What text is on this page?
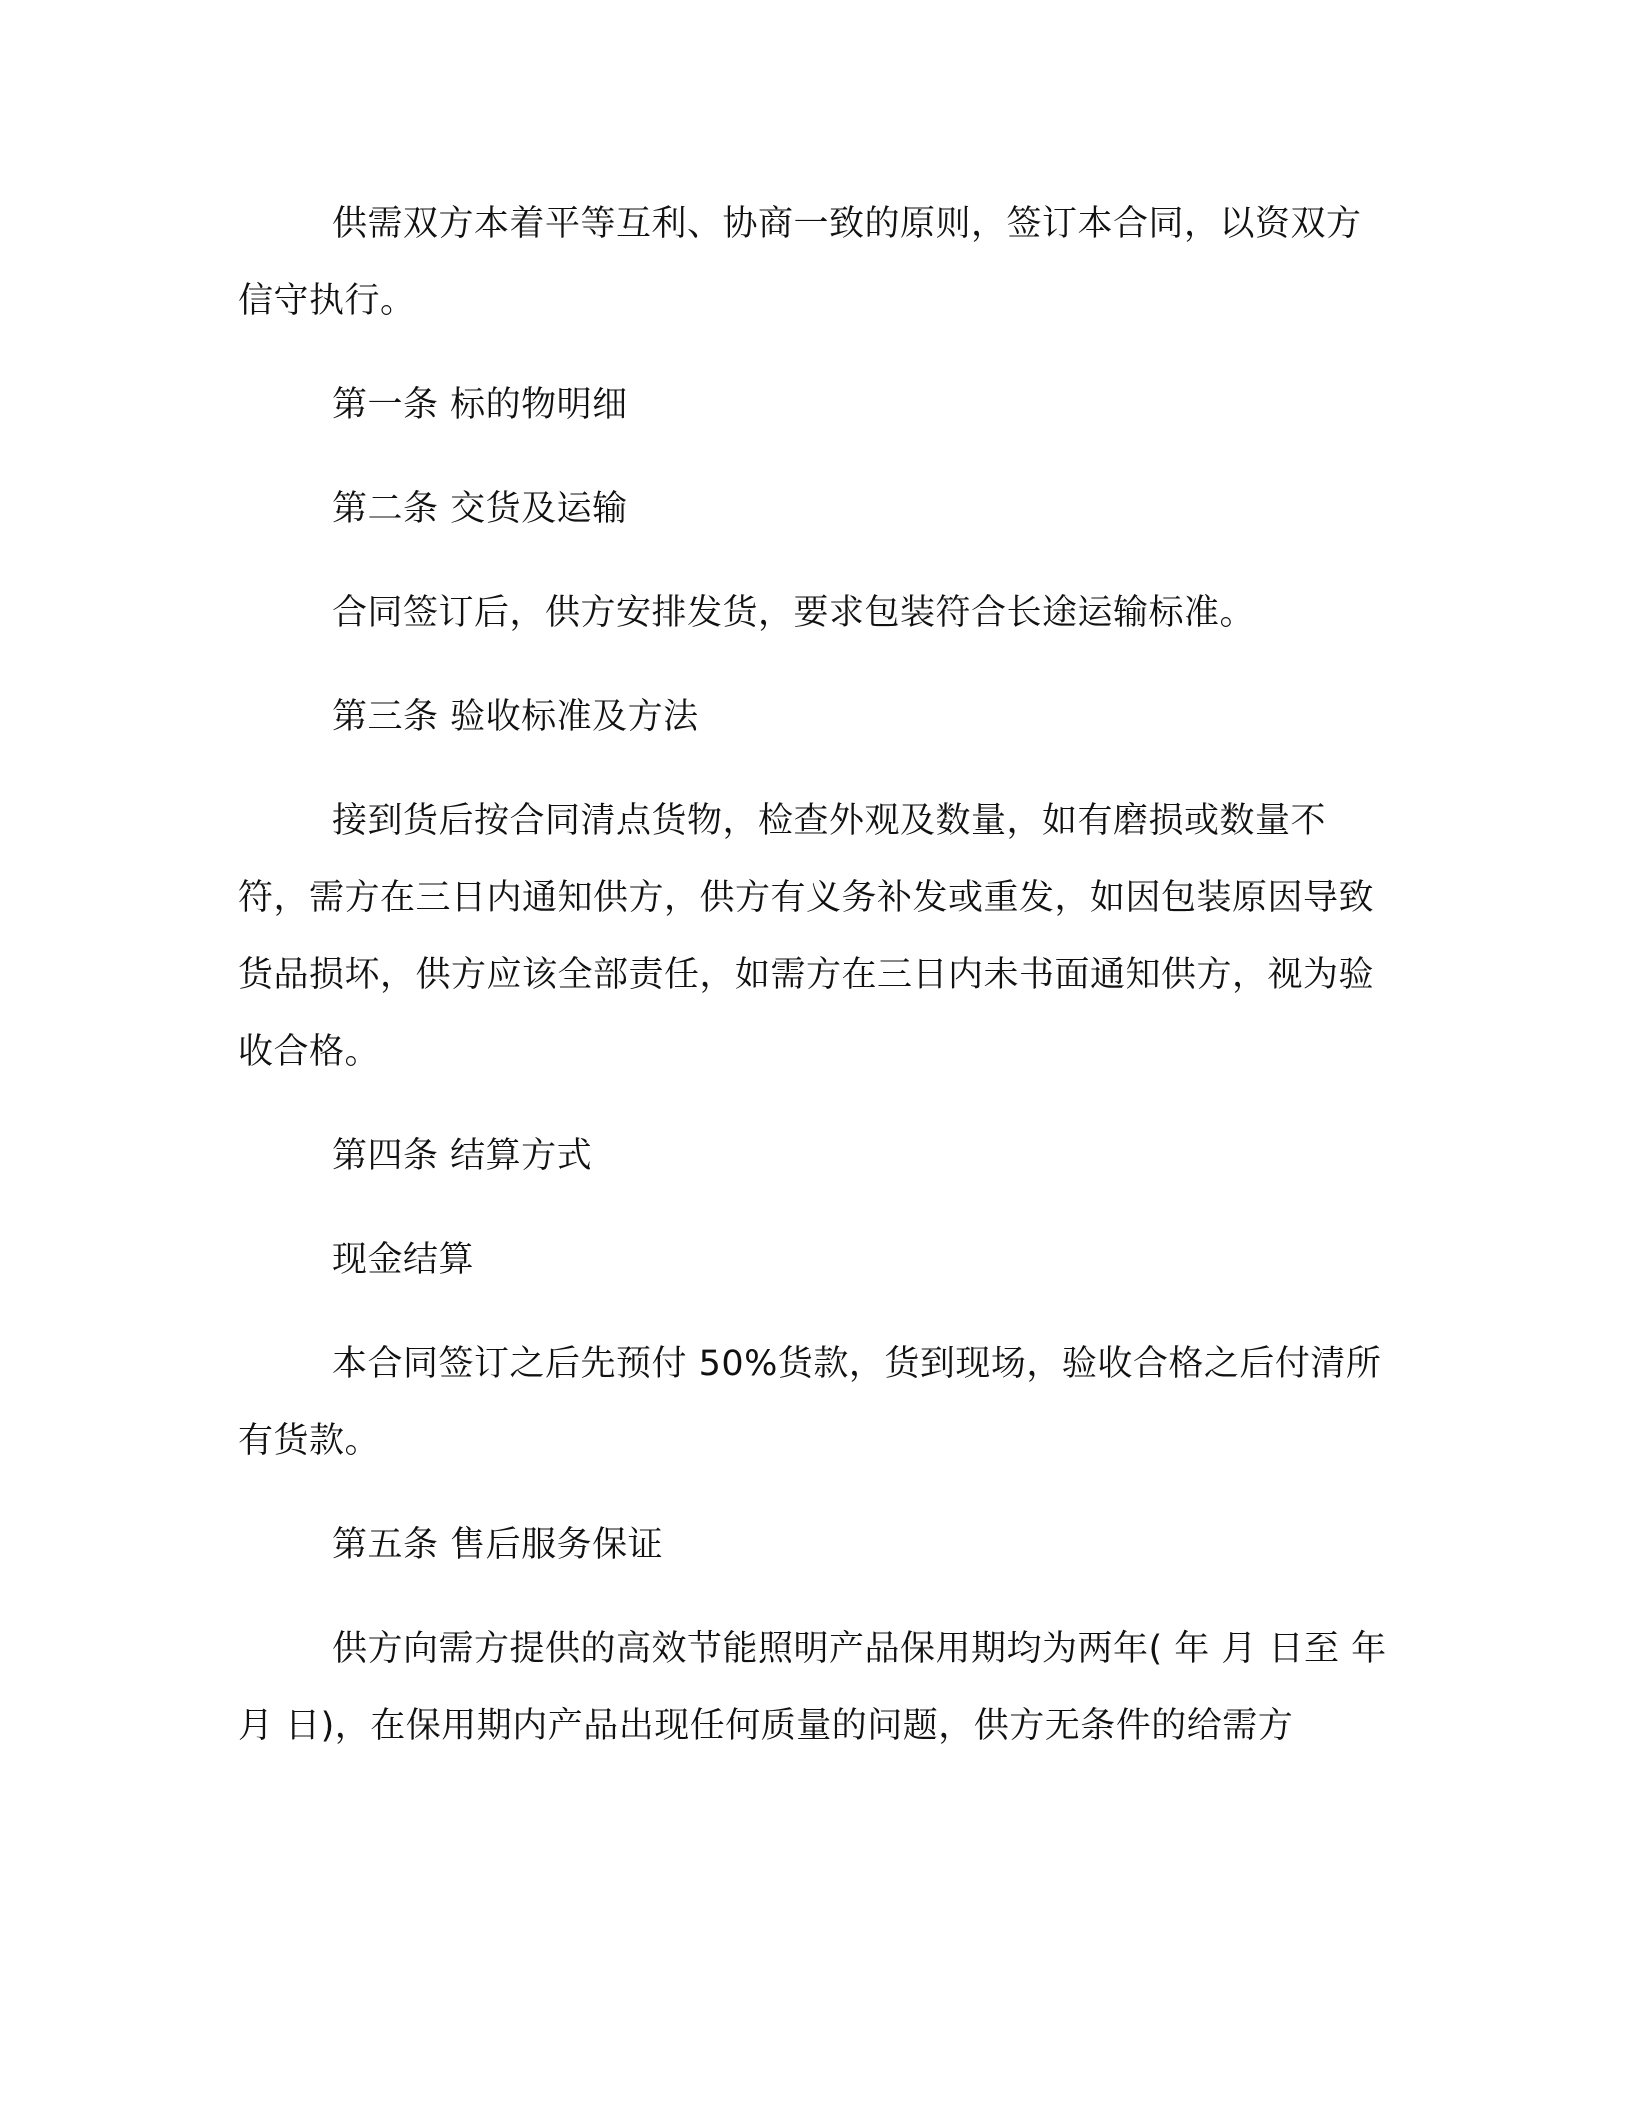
供需双方本着平等互利、协商一致的原则，签订本合同，以资双方信守执行。

第一条 标的物明细

第二条 交货及运输

合同签订后，供方安排发货，要求包装符合长途运输标准。

第三条 验收标准及方法

接到货后按合同清点货物，检查外观及数量，如有磨损或数量不符，需方在三日内通知供方，供方有义务补发或重发，如因包装原因导致货品损坏，供方应该全部责任，如需方在三日内未书面通知供方，视为验收合格。

第四条 结算方式

现金结算

本合同签订之后先预付 50%货款，货到现场，验收合格之后付清所有货款。

第五条 售后服务保证

供方向需方提供的高效节能照明产品保用期均为两年( 年 月 日至 年 月 日)，在保用期内产品出现任何质量的问题，供方无条件的给需方
